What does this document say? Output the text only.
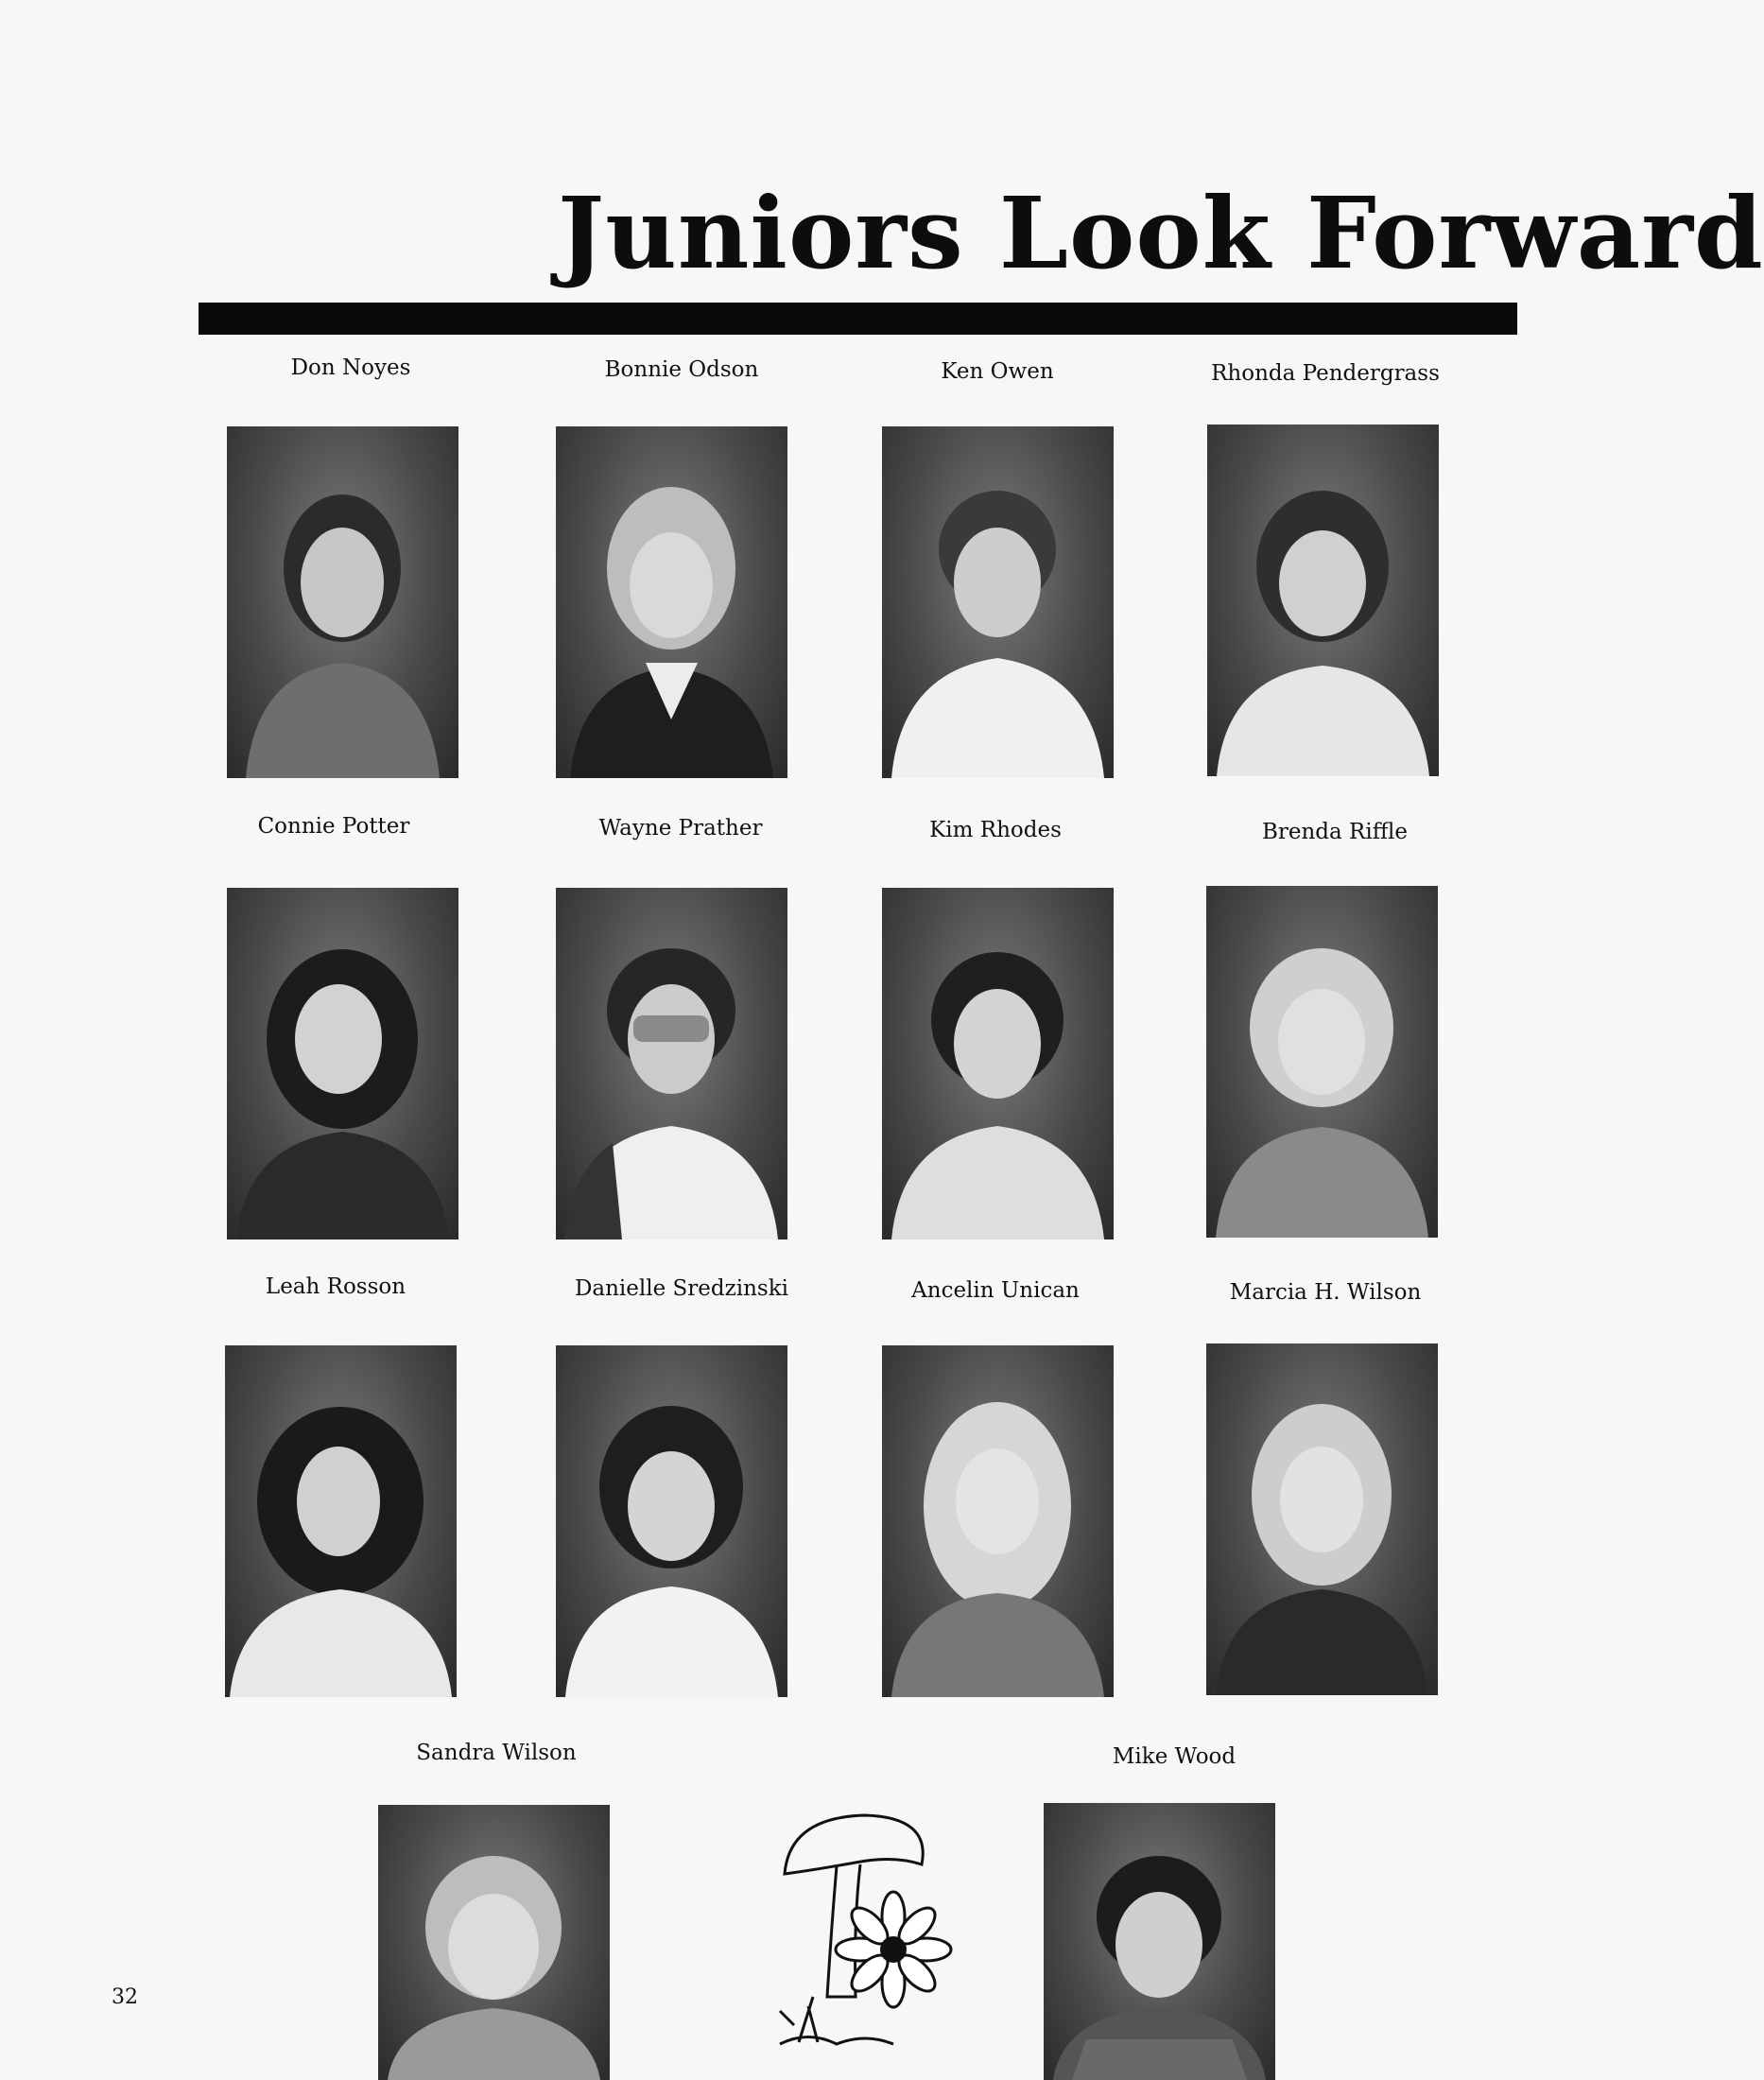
Juniors Look Forward
Don Noyes	Bonnie Odson	Ken Owen	Rhonda Pendergrass
Connie Potter	Wayne Prather	Kim Rhodes	Brenda Riffle
Leah Rosson	Danielle Sredzinski	Ancelin Unican	Marcia H. Wilson
Sandra Wilson	Mike Wood
32
